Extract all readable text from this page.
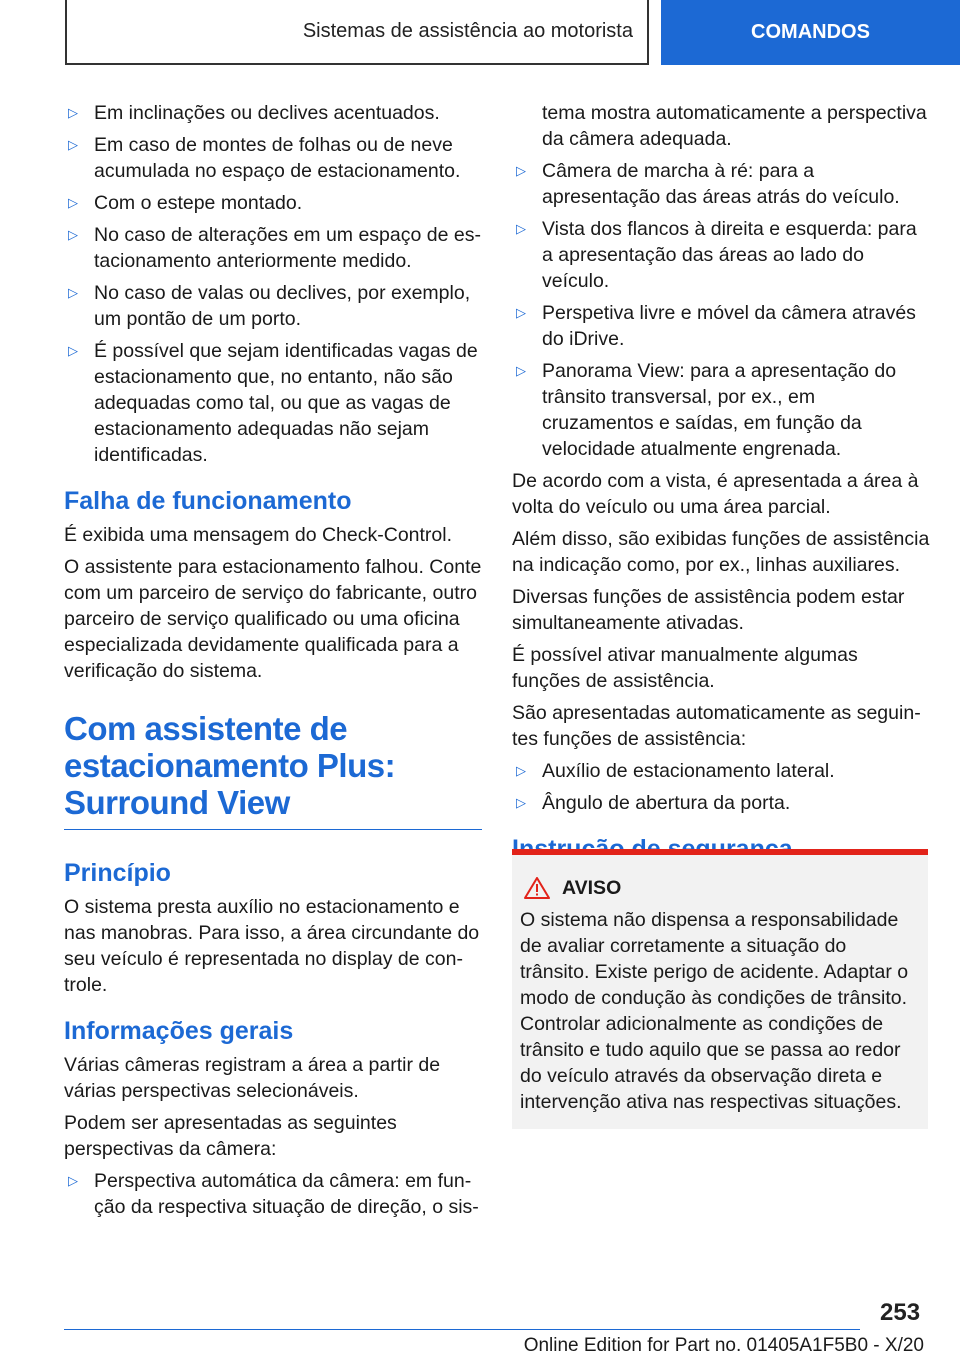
Sistemas de assistência ao motorista	COMANDOS
▷ Em inclinações ou declives acentuados.
▷ Em caso de montes de folhas ou de neve acumulada no espaço de estacionamento.
▷ Com o estepe montado.
▷ No caso de alterações em um espaço de estacionamento anteriormente medido.
▷ No caso de valas ou declives, por exemplo, um pontão de um porto.
▷ É possível que sejam identificadas vagas de estacionamento que, no entanto, não são adequadas como tal, ou que as vagas de estacionamento adequadas não sejam identificadas.
Falha de funcionamento
É exibida uma mensagem do Check-Control.
O assistente para estacionamento falhou. Conte com um parceiro de serviço do fabricante, outro parceiro de serviço qualificado ou uma oficina especializada devidamente qualificada para a verificação do sistema.
Com assistente de estacionamento Plus: Surround View
Princípio
O sistema presta auxílio no estacionamento e nas manobras. Para isso, a área circundante do seu veículo é representada no display de controle.
Informações gerais
Várias câmeras registram a área a partir de várias perspectivas selecionáveis.
Podem ser apresentadas as seguintes perspectivas da câmera:
▷ Perspectiva automática da câmera: em função da respectiva situação de direção, o sis-
tema mostra automaticamente a perspectiva da câmera adequada.
▷ Câmera de marcha à ré: para a apresentação das áreas atrás do veículo.
▷ Vista dos flancos à direita e esquerda: para a apresentação das áreas ao lado do veículo.
▷ Perspetiva livre e móvel da câmera através do iDrive.
▷ Panorama View: para a apresentação do trânsito transversal, por ex., em cruzamentos e saídas, em função da velocidade atualmente engrenada.
De acordo com a vista, é apresentada a área à volta do veículo ou uma área parcial.
Além disso, são exibidas funções de assistência na indicação como, por ex., linhas auxiliares.
Diversas funções de assistência podem estar simultaneamente ativadas.
É possível ativar manualmente algumas funções de assistência.
São apresentadas automaticamente as seguintes funções de assistência:
▷ Auxílio de estacionamento lateral.
▷ Ângulo de abertura da porta.
AVISO
O sistema não dispensa a responsabilidade de avaliar corretamente a situação do trânsito. Existe perigo de acidente. Adaptar o modo de condução às condições de trânsito. Controlar adicionalmente as condições de trânsito e tudo aquilo que se passa ao redor do veículo através da observação direta e intervenção ativa nas respectivas situações.
253
Online Edition for Part no. 01405A1F5B0 - X/20
